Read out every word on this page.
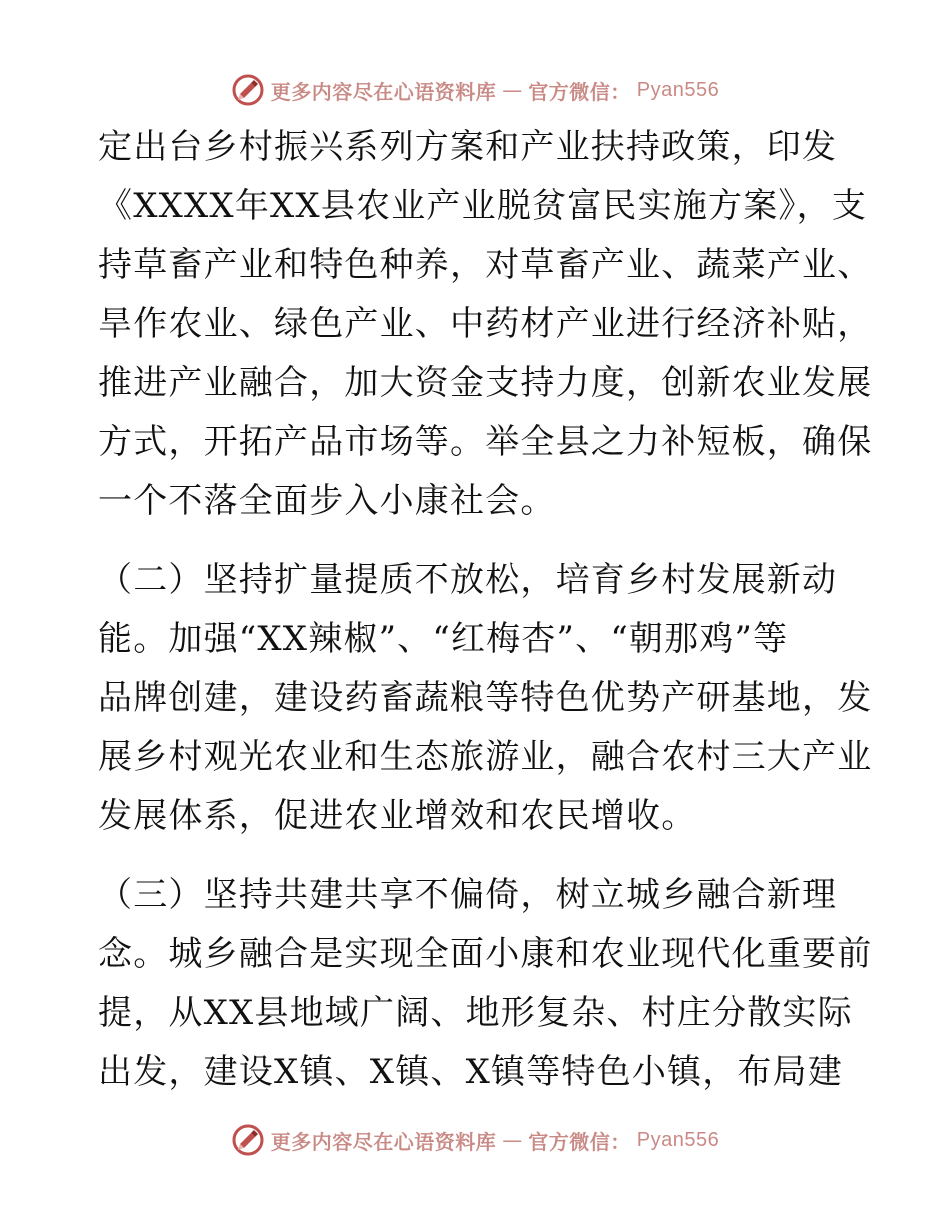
更多内容尽在心语资料库 — 官方微信： Pyan556

定出台乡村振兴系列方案和产业扶持政策，印发
《XXXX年XX县农业产业脱贫富民实施方案》，支
持草畜产业和特色种养，对草畜产业、蔬菜产业、
旱作农业、绿色产业、中药材产业进行经济补贴，
推进产业融合，加大资金支持力度，创新农业发展
方式，开拓产品市场等。举全县之力补短板，确保
一个不落全面步入小康社会。

（二）坚持扩量提质不放松，培育乡村发展新动
能。加强“XX辣椒”、“红梅杏”、“朝那鸡”等
品牌创建，建设药畜蔬粮等特色优势产研基地，发
展乡村观光农业和生态旅游业，融合农村三大产业
发展体系，促进农业增效和农民增收。

（三）坚持共建共享不偏倚，树立城乡融合新理
念。城乡融合是实现全面小康和农业现代化重要前
提，从XX县地域广阔、地形复杂、村庄分散实际
出发，建设X镇、X镇、X镇等特色小镇，布局建

更多内容尽在心语资料库 — 官方微信： Pyan556
